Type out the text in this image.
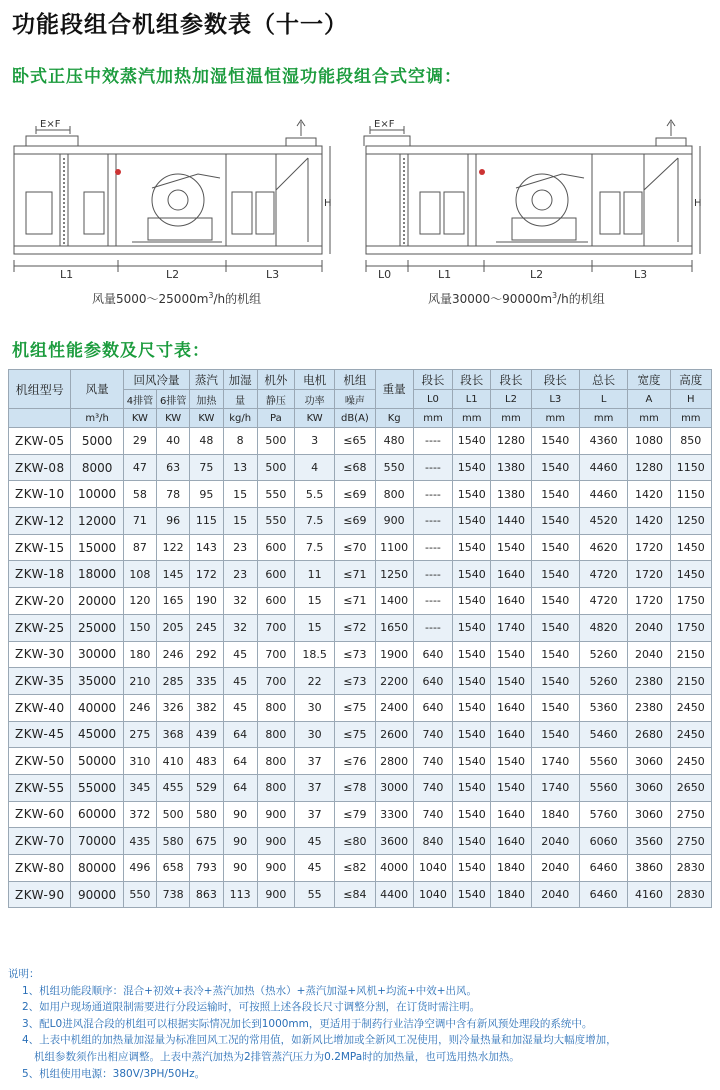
功能段组合机组参数表（十一）
卧式正压中效蒸汽加热加湿恒温恒湿功能段组合式空调：
E×F
H
L1	L2	L3
风量$5000\sim 25000m^3/h$的机组
E×F
H
L0	L1	L2	L3
风量$30000\sim 90000m^3/h$的机组
机组性能参数及尺寸表：
机组型号	风量	回风冷量		蒸汽	加湿	机外	电机	机组	重量	段长	段长	段长	段长	总长	宽度	高度
		4排管	6排管	加热	量	静压	功率	噪声		L0	L1	L2	L3	L	A	H
	m³/h	KW	KW	KW	kg/h	Pa	KW	dB(A)	Kg	mm	mm	mm	mm	mm	mm	mm
ZKW-05	5000	29	40	48	8	500	3	≤65	480	----	1540	1280	1540	4360	1080	850
ZKW-08	8000	47	63	75	13	500	4	≤68	550	----	1540	1380	1540	4460	1280	1150
ZKW-10	10000	58	78	95	15	550	5.5	≤69	800	----	1540	1380	1540	4460	1420	1150
ZKW-12	12000	71	96	115	15	550	7.5	≤69	900	----	1540	1440	1540	4520	1420	1250
ZKW-15	15000	87	122	143	23	600	7.5	≤70	1100	----	1540	1540	1540	4620	1720	1450
ZKW-18	18000	108	145	172	23	600	11	≤71	1250	----	1540	1640	1540	4720	1720	1450
ZKW-20	20000	120	165	190	32	600	15	≤71	1400	----	1540	1640	1540	4720	1720	1750
ZKW-25	25000	150	205	245	32	700	15	≤72	1650	----	1540	1740	1540	4820	2040	1750
ZKW-30	30000	180	246	292	45	700	18.5	≤73	1900	640	1540	1540	1540	5260	2040	2150
ZKW-35	35000	210	285	335	45	700	22	≤73	2200	640	1540	1540	1540	5260	2380	2150
ZKW-40	40000	246	326	382	45	800	30	≤75	2400	640	1540	1640	1540	5360	2380	2450
ZKW-45	45000	275	368	439	64	800	30	≤75	2600	740	1540	1640	1540	5460	2680	2450
ZKW-50	50000	310	410	483	64	800	37	≤76	2800	740	1540	1540	1740	5560	3060	2450
ZKW-55	55000	345	455	529	64	800	37	≤78	3000	740	1540	1540	1740	5560	3060	2650
ZKW-60	60000	372	500	580	90	900	37	≤79	3300	740	1540	1640	1840	5760	3060	2750
ZKW-70	70000	435	580	675	90	900	45	≤80	3600	840	1540	1640	2040	6060	3560	2750
ZKW-80	80000	496	658	793	90	900	45	≤82	4000	1040	1540	1840	2040	6460	3860	2830
ZKW-90	90000	550	738	863	113	900	55	≤84	4400	1040	1540	1840	2040	6460	4160	2830
说明：
1、机组功能段顺序：混合+初效+表冷+蒸汽加热（热水）+蒸汽加湿+风机+均流+中效+出风。
2、如用户现场通道限制需要进行分段运输时，可按照上述各段长尺寸调整分割，在订货时需注明。
3、配L0进风混合段的机组可以根据实际情况加长到1000mm，更适用于制药行业洁净空调中含有新风预处理段的系统中。
4、上表中机组的加热量加湿量为标准回风工况的常用值，如新风比增加或全新风工况使用，则冷量热量和加湿量均大幅度增加，
机组参数须作出相应调整。上表中蒸汽加热为2排管蒸汽压力为0.2MPa时的加热量，也可选用热水加热。
5、机组使用电源：380V/3PH/50Hz。
